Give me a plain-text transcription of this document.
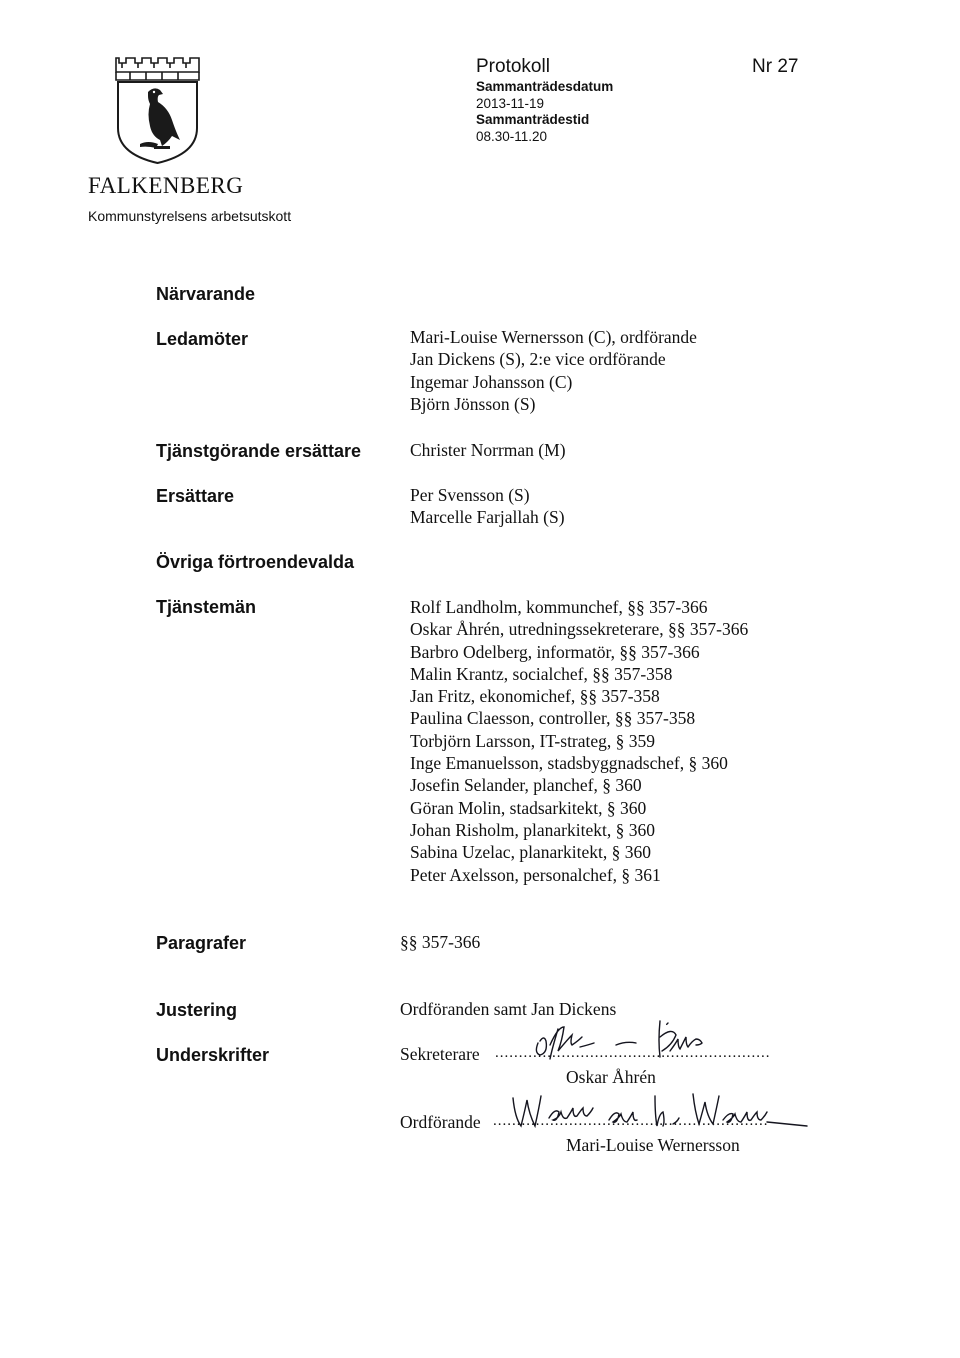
FALKENBERG
Kommunstyrelsens arbetsutskott
Protokoll
Sammanträdesdatum
2013-11-19
Sammanträdestid
08.30-11.20
Nr 27
Närvarande
Ledamöter	Mari-Louise Wernersson (C), ordförande
Jan Dickens (S), 2:e vice ordförande
Ingemar Johansson (C)
Björn Jönsson (S)
Tjänstgörande ersättare	Christer Norrman (M)
Ersättare	Per Svensson (S)
Marcelle Farjallah (S)
Övriga förtroendevalda
Tjänstemän	Rolf Landholm, kommunchef, §§ 357-366
Oskar Åhrén, utredningssekreterare, §§ 357-366
Barbro Odelberg, informatör, §§ 357-366
Malin Krantz, socialchef, §§ 357-358
Jan Fritz, ekonomichef, §§ 357-358
Paulina Claesson, controller, §§ 357-358
Torbjörn Larsson, IT-strateg, § 359
Inge Emanuelsson, stadsbyggnadschef, § 360
Josefin Selander, planchef, § 360
Göran Molin, stadsarkitekt, § 360
Johan Risholm, planarkitekt, § 360
Sabina Uzelac, planarkitekt, § 360
Peter Axelsson, personalchef, § 361
Paragrafer	§§ 357-366
Justering	Ordföranden samt Jan Dickens
Underskrifter	Sekreterare ..........................................................
Oskar Åhrén
Ordförande ..........................................................
Mari-Louise Wernersson
